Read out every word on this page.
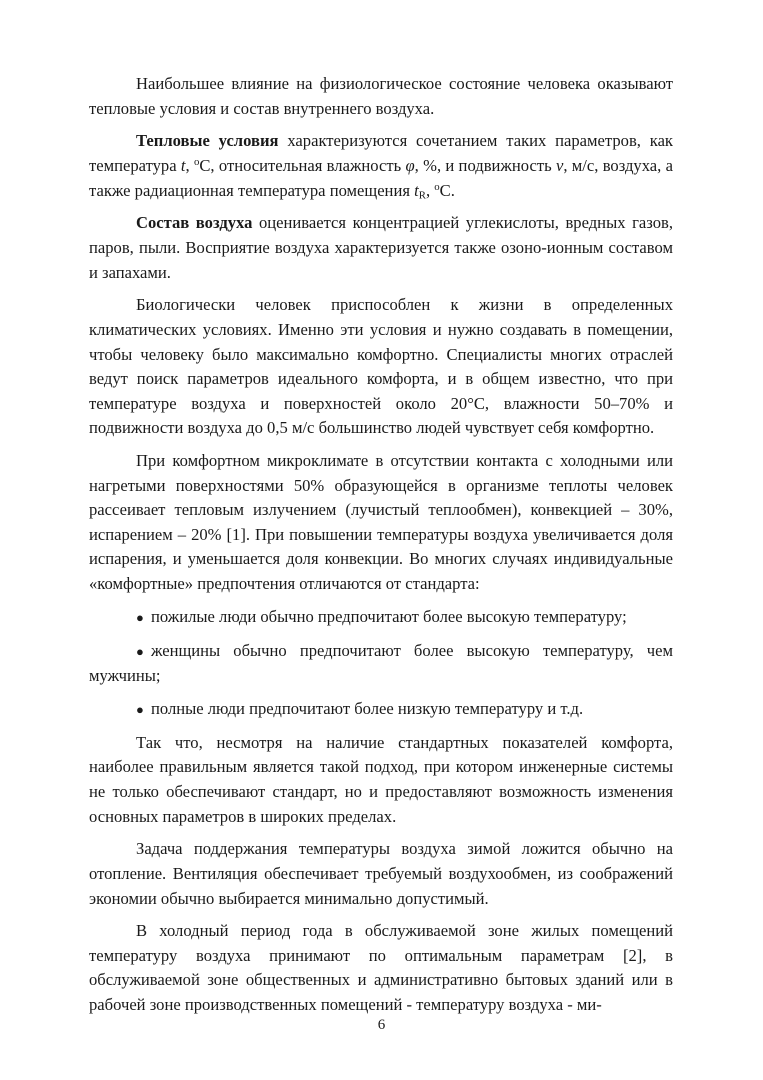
Наибольшее влияние на физиологическое состояние человека оказывают тепловые условия и состав внутреннего воздуха.

Тепловые условия характеризуются сочетанием таких параметров, как температура t, $^o$С, относительная влажность φ, %, и подвижность v, м/с, воздуха, а также радиационная температура помещения $t_R$, $^o$С.

Состав воздуха оценивается концентрацией углекислоты, вредных газов, паров, пыли. Восприятие воздуха характеризуется также озоно-ионным составом и запахами.

Биологически человек приспособлен к жизни в определенных климатических условиях. Именно эти условия и нужно создавать в помещении, чтобы человеку было максимально комфортно. Специалисты многих отраслей ведут поиск параметров идеального комфорта, и в общем известно, что при температуре воздуха и поверхностей около 20°С, влажности 50–70% и подвижности воздуха до 0,5 м/с большинство людей чувствует себя комфортно.

При комфортном микроклимате в отсутствии контакта с холодными или нагретыми поверхностями 50% образующейся в организме теплоты человек рассеивает тепловым излучением (лучистый теплообмен), конвекцией – 30%, испарением – 20% [1]. При повышении температуры воздуха увеличивается доля испарения, и уменьшается доля конвекции. Во многих случаях индивидуальные «комфортные» предпочтения отличаются от стандарта:

● пожилые люди обычно предпочитают более высокую температуру;

● женщины обычно предпочитают более высокую температуру, чем мужчины;

● полные люди предпочитают более низкую температуру и т.д.

Так что, несмотря на наличие стандартных показателей комфорта, наиболее правильным является такой подход, при котором инженерные системы не только обеспечивают стандарт, но и предоставляют возможность изменения основных параметров в широких пределах.

Задача поддержания температуры воздуха зимой ложится обычно на отопление. Вентиляция обеспечивает требуемый воздухообмен, из соображений экономии обычно выбирается минимально допустимый.

В холодный период года в обслуживаемой зоне жилых помещений температуру воздуха принимают по оптимальным параметрам [2], в обслуживаемой зоне общественных и административно бытовых зданий или в рабочей зоне производственных помещений - температуру воздуха - ми-

6
